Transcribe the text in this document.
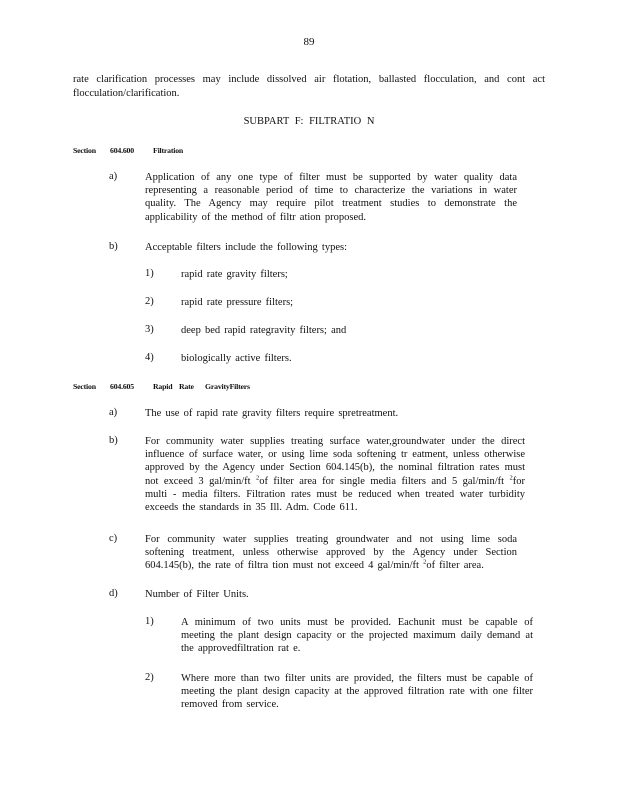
89
rate clarification processes may include dissolved air flotation, ballasted flocculation, and cont act flocculation/clarification.
SUBPART F: FILTRATIO N
Section 604.600 Filtration
a)	Application of any one type of filter must be supported by water quality data representing a reasonable period of time to characterize the variations in water quality. The Agency may require pilot treatment studies to demonstrate the applicability of the method of filtr ation proposed.
b)	Acceptable filters include the following types:
1)	rapid rate gravity filters;
2)	rapid rate pressure filters;
3)	deep bed rapid rategravity filters; and
4)	biologically active filters.
Section 604.605 Rapid Rate GravityFilters
a)	The use of rapid rate gravity filters require spretreatment.
b)	For community water supplies treating surface water,groundwater under the direct influence of surface water, or using lime soda softening tr eatment, unless otherwise approved by the Agency under Section 604.145(b), the nominal filtration rates must not exceed 3 gal/min/ft $^2$of filter area for single media filters and 5 gal/min/ft $^2$for multi - media filters. Filtration rates must be reduced when treated water turbidity exceeds the standards in 35 Ill. Adm. Code 611.
c)	For community water supplies treating groundwater and not using lime soda softening treatment, unless otherwise approved by the Agency under Section 604.145(b), the rate of filtra tion must not exceed 4 gal/min/ft $^2$of filter area.
d)	Number of Filter Units.
1)	A minimum of two units must be provided. Eachunit must be capable of meeting the plant design capacity or the projected maximum daily demand at the approvedfiltration rat e.
2)	Where more than two filter units are provided, the filters must be capable of meeting the plant design capacity at the approved filtration rate with one filter removed from service.
